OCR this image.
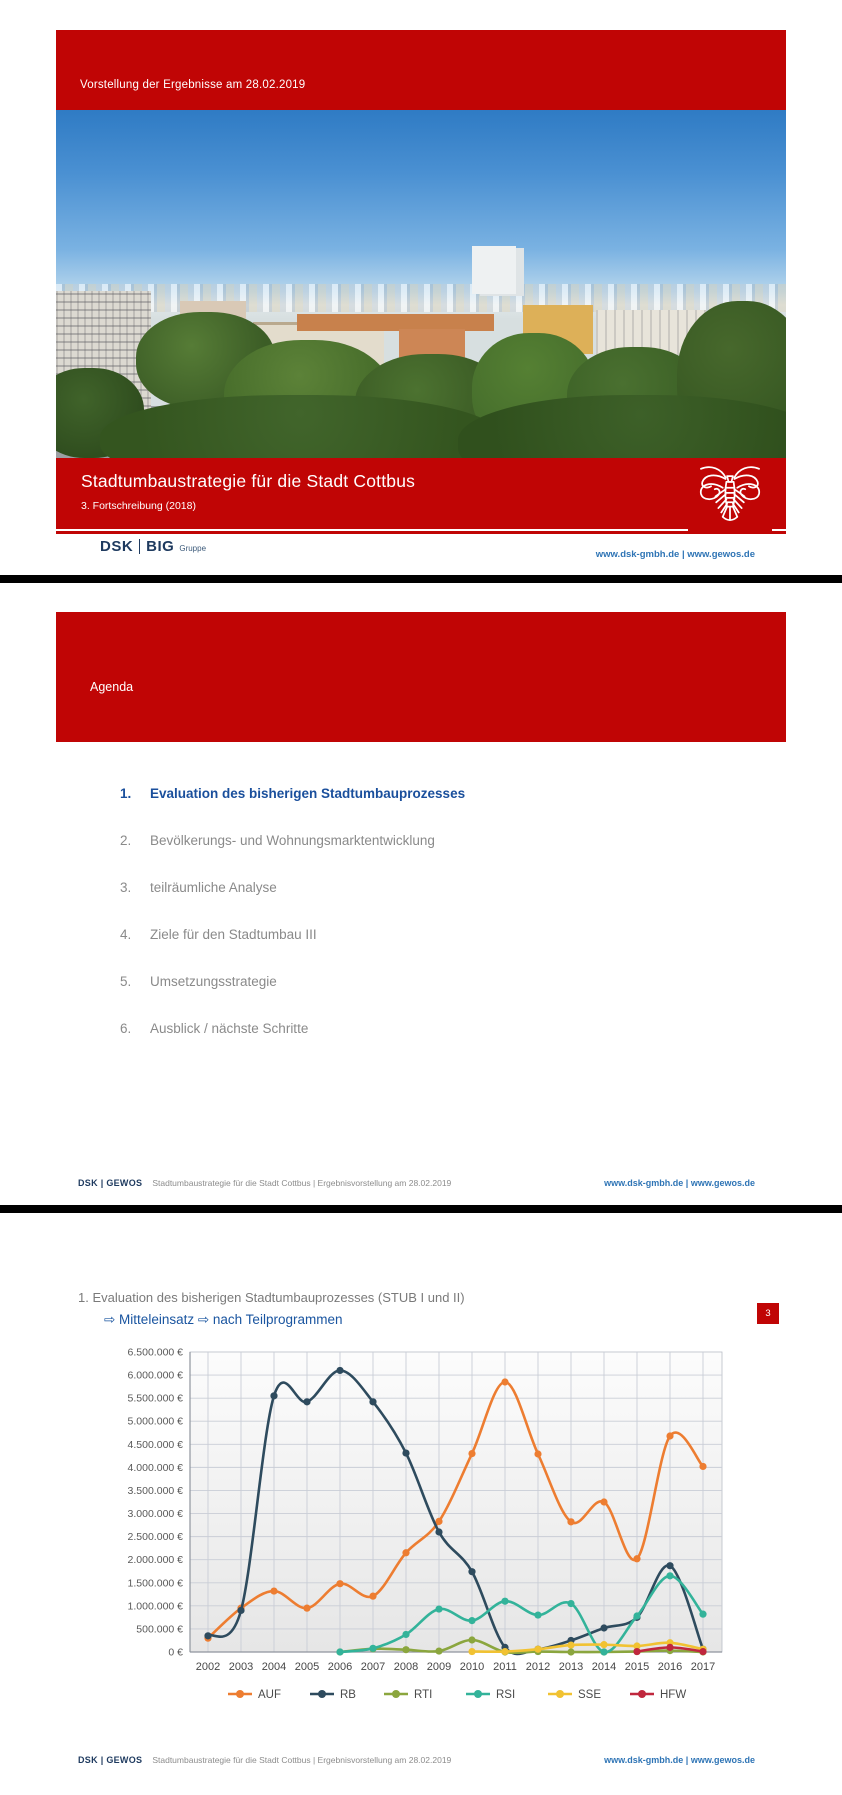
Vorstellung der Ergebnisse am 28.02.2019
Stadtumbaustrategie für die Stadt Cottbus
3. Fortschreibung (2018)
DSK BIG Gruppe
www.dsk-gmbh.de | www.gewos.de
Agenda
1.	Evaluation des bisherigen Stadtumbauprozesses
2.	Bevölkerungs- und Wohnungsmarktentwicklung
3.	teilräumliche Analyse
4.	Ziele für den Stadtumbau III
5.	Umsetzungsstrategie
6.	Ausblick / nächste Schritte
DSK | GEWOS Stadtumbaustrategie für die Stadt Cottbus | Ergebnisvorstellung am 28.02.2019	www.dsk-gmbh.de | www.gewos.de
1. Evaluation des bisherigen Stadtumbauprozesses (STUB I und II)
3
⇨ Mitteleinsatz ⇨ nach Teilprogrammen
0 €
500.000 €
1.000.000 €
1.500.000 €
2.000.000 €
2.500.000 €
3.000.000 €
3.500.000 €
4.000.000 €
4.500.000 €
5.000.000 €
5.500.000 €
6.000.000 €
6.500.000 €
2002 2003 2004 2005 2006 2007 2008 2009 2010 2011 2012 2013 2014 2015 2016 2017
AUF	RB	RTI	RSI	SSE	HFW
DSK | GEWOS Stadtumbaustrategie für die Stadt Cottbus | Ergebnisvorstellung am 28.02.2019	www.dsk-gmbh.de | www.gewos.de
